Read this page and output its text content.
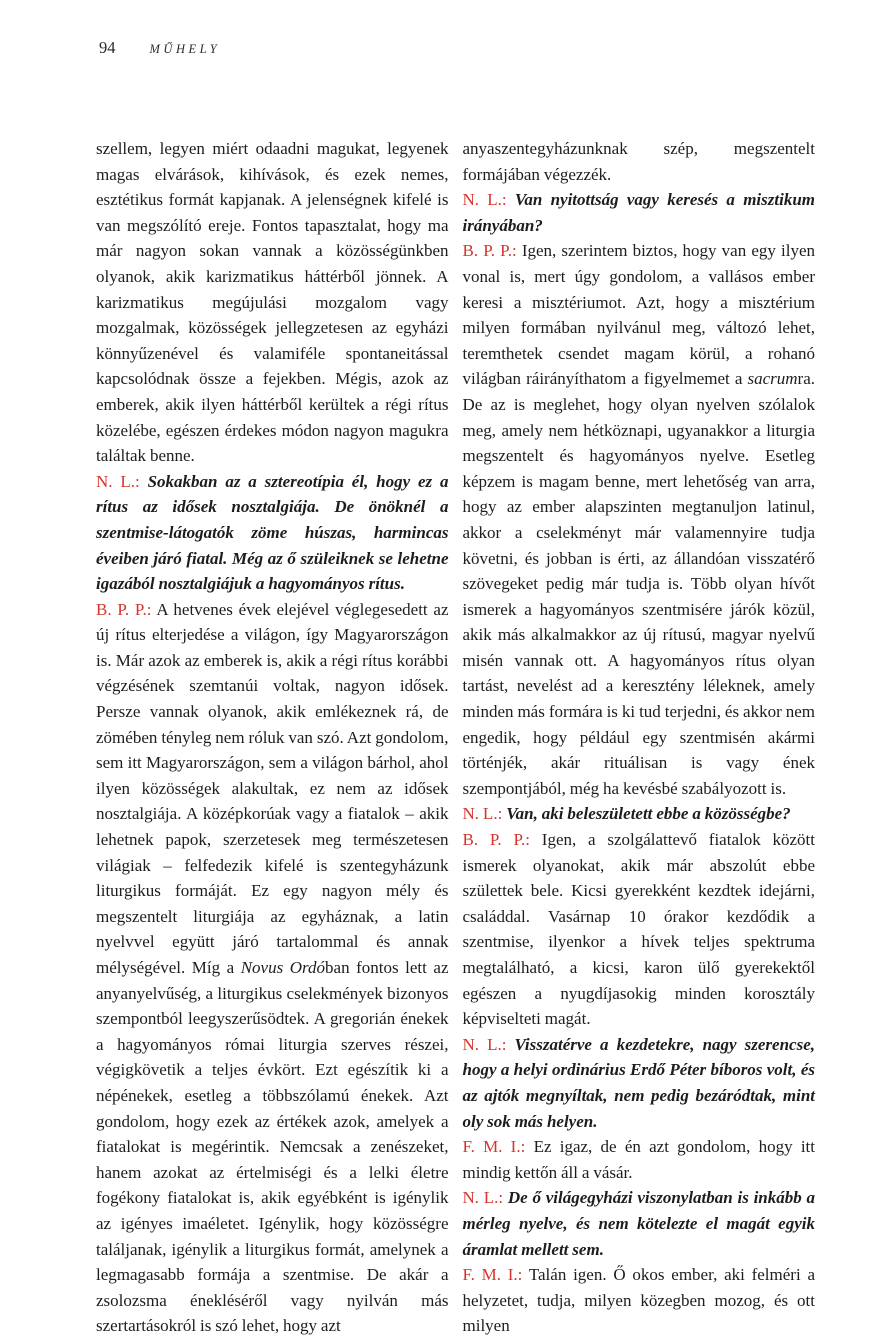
94	MŰHELY

szellem, legyen miért odaadni magukat, legyenek magas elvárások, kihívások, és ezek nemes, esztétikus formát kapjanak. A jelenségnek kifelé is van megszólító ereje. Fontos tapasztalat, hogy ma már nagyon sokan vannak a közösségünkben olyanok, akik karizmatikus háttérből jönnek. A karizmatikus megújulási mozgalom vagy mozgalmak, közösségek jellegzetesen az egyházi könnyűzenével és valamiféle spontaneitással kapcsolódnak össze a fejekben. Mégis, azok az emberek, akik ilyen háttérből kerültek a régi rítus közelébe, egészen érdekes módon nagyon magukra találtak benne.

N. L.: Sokakban az a sztereotípia él, hogy ez a rítus az idősek nosztalgiája. De önöknél a szentmise-látogatók zöme húszas, harmincas éveiben járó fiatal. Még az ő szüleiknek se lehetne igazából nosztalgiájuk a hagyományos rítus.

B. P. P.: A hetvenes évek elejével véglegesedett az új rítus elterjedése a világon, így Magyarországon is. Már azok az emberek is, akik a régi rítus korábbi végzésének szemtanúi voltak, nagyon idősek. Persze vannak olyanok, akik emlékeznek rá, de zömében tényleg nem róluk van szó. Azt gondolom, sem itt Magyarországon, sem a világon bárhol, ahol ilyen közösségek alakultak, ez nem az idősek nosztalgiája. A középkorúak vagy a fiatalok – akik lehetnek papok, szerzetesek meg természetesen világiak – felfedezik kifelé is szentegyházunk liturgikus formáját. Ez egy nagyon mély és megszentelt liturgiája az egyháznak, a latin nyelvvel együtt járó tartalommal és annak mélységével. Míg a Novus Ordóban fontos lett az anyanyelvűség, a liturgikus cselekmények bizonyos szempontból leegyszerűsödtek. A gregorián énekek a hagyományos római liturgia szerves részei, végigkövetik a teljes évkört. Ezt egészítik ki a népénekek, esetleg a többszólamú énekek. Azt gondolom, hogy ezek az értékek azok, amelyek a fiatalokat is megérintik. Nemcsak a zenészeket, hanem azokat az értelmiségi és a lelki életre fogékony fiatalokat is, akik egyébként is igénylik az igényes imaéletet. Igénylik, hogy közösségre találjanak, igénylik a liturgikus formát, amelynek a legmagasabb formája a szentmise. De akár a zsolozsma énekléséről vagy nyilván más szertartásokról is szó lehet, hogy azt

anyaszentegyházunknak szép, megszentelt formájában végezzék.

N. L.: Van nyitottság vagy keresés a misztikum irányában?

B. P. P.: Igen, szerintem biztos, hogy van egy ilyen vonal is, mert úgy gondolom, a vallásos ember keresi a misztériumot. Azt, hogy a misztérium milyen formában nyilvánul meg, változó lehet, teremthetek csendet magam körül, a rohanó világban ráirányíthatom a figyelmemet a sacrumra. De az is meglehet, hogy olyan nyelven szólalok meg, amely nem hétköznapi, ugyanakkor a liturgia megszentelt és hagyományos nyelve. Esetleg képzem is magam benne, mert lehetőség van arra, hogy az ember alapszinten megtanuljon latinul, akkor a cselekményt már valamennyire tudja követni, és jobban is érti, az állandóan visszatérő szövegeket pedig már tudja is. Több olyan hívőt ismerek a hagyományos szentmisére járók közül, akik más alkalmakkor az új rítusú, magyar nyelvű misén vannak ott. A hagyományos rítus olyan tartást, nevelést ad a keresztény léleknek, amely minden más formára is ki tud terjedni, és akkor nem engedik, hogy például egy szentmisén akármi történjék, akár rituálisan is vagy ének szempontjából, még ha kevésbé szabályozott is.

N. L.: Van, aki beleszületett ebbe a közösségbe?

B. P. P.: Igen, a szolgálattevő fiatalok között ismerek olyanokat, akik már abszolút ebbe születtek bele. Kicsi gyerekként kezdtek idejárni, családdal. Vasárnap 10 órakor kezdődik a szentmise, ilyenkor a hívek teljes spektruma megtalálható, a kicsi, karon ülő gyerekektől egészen a nyugdíjasokig minden korosztály képviselteti magát.

N. L.: Visszatérve a kezdetekre, nagy szerencse, hogy a helyi ordinárius Erdő Péter bíboros volt, és az ajtók megnyíltak, nem pedig bezáródtak, mint oly sok más helyen.

F. M. I.: Ez igaz, de én azt gondolom, hogy itt mindig kettőn áll a vásár.

N. L.: De ő világegyházi viszonylatban is inkább a mérleg nyelve, és nem kötelezte el magát egyik áramlat mellett sem.

F. M. I.: Talán igen. Ő okos ember, aki felméri a helyzetet, tudja, milyen közegben mozog, és ott milyen
